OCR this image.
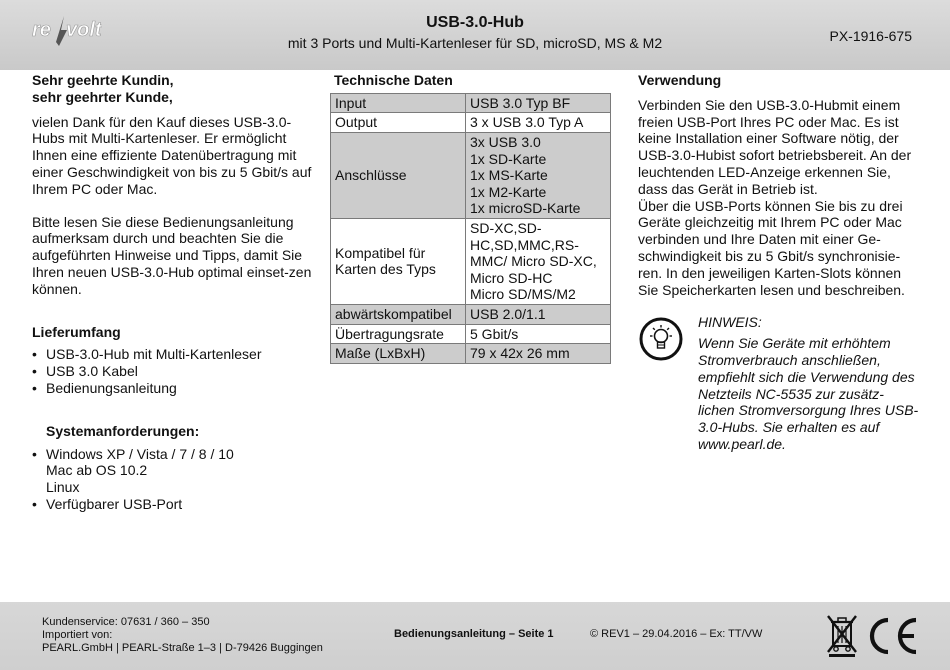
re volt	USB-3.0-Hub
mit 3 Ports und Multi-Kartenleser für SD, microSD, MS & M2	PX-1916-675
Sehr geehrte Kundin,
sehr geehrter Kunde,

vielen Dank für den Kauf dieses USB-3.0-Hubs mit Multi-Kartenleser. Er ermöglicht Ihnen eine effiziente Datenübertragung mit einer Geschwindigkeit von bis zu 5 Gbit/s auf Ihrem PC oder Mac.

Bitte lesen Sie diese Bedienungsanleitung aufmerksam durch und beachten Sie die aufgeführten Hinweise und Tipps, damit Sie Ihren neuen USB-3.0-Hub optimal einset-zen können.

Lieferumfang
• USB-3.0-Hub mit Multi-Kartenleser
• USB 3.0 Kabel
• Bedienungsanleitung
Systemanforderungen:
• Windows XP / Vista / 7 / 8 / 10
Mac ab OS 10.2
Linux
• Verfügbarer USB-Port
Technische Daten
Input	USB 3.0 Typ BF
Output	3 x USB 3.0 Typ A
Anschlüsse	3x USB 3.0
1x SD-Karte
1x MS-Karte
1x M2-Karte
1x microSD-Karte

Kompatibel für Karten des Typs	SD-XC,SD-HC,SD,MMC,RS-MMC/ Micro SD-XC,
Micro SD-HC
Micro SD/MS/M2

abwärtskompatibel	USB 2.0/1.1
Übertragungsrate	5 Gbit/s
Maße (LxBxH)	79 x 42x 26 mm
Verwendung

Verbinden Sie den USB-3.0-Hubmit einem freien USB-Port Ihres PC oder Mac. Es ist keine Installation einer Software nötig, der USB-3.0-Hubist sofort betriebsbereit. An der leuchtenden LED-Anzeige erkennen Sie, dass das Gerät in Betrieb ist.

Über die USB-Ports können Sie bis zu drei Geräte gleichzeitig mit Ihrem PC oder Mac verbinden und Ihre Daten mit einer Ge-schwindigkeit bis zu 5 Gbit/s synchronisie-ren. In den jeweiligen Karten-Slots können Sie Speicherkarten lesen und beschreiben.

HINWEIS:

Wenn Sie Geräte mit erhöhtem Stromverbrauch anschließen, empfiehlt sich die Verwendung des Netzteils NC-5535 zur zusätz-lichen Stromversorgung Ihres USB-3.0-Hubs. Sie erhalten es auf www.pearl.de.

Kundenservice: 07631 / 360 – 350
Importiert von:
PEARL.GmbH | PEARL-Straße 1–3 | D-79426 Buggingen
Bedienungsanleitung – Seite 1	© REV1 – 29.04.2016 – Ex: TT/VW
